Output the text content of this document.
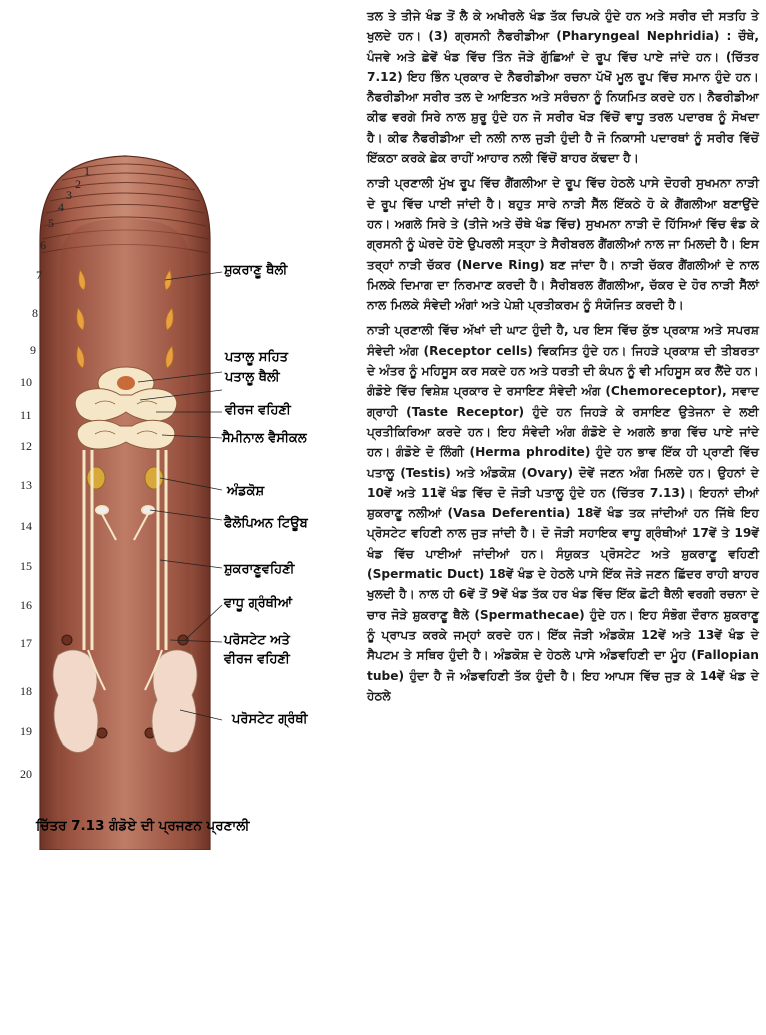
1
2
3
4
5
6
7
8
9
10
11
12
13
14
15
16
17
18
19
20
ਸ਼ੁਕਰਾਣੂ ਥੈਲੀ
ਪਤਾਲੂ ਸਹਿਤ
ਪਤਾਲੂ ਥੈਲੀ
ਵੀਰਜ ਵਹਿਣੀ
ਸੈਮੀਨਾਲ ਵੈਸੀਕਲ
ਅੰਡਕੋਸ਼
ਫੈਲੋਪਿਅਨ ਟਿਊਬ
ਸ਼ੁਕਰਾਣੂਵਹਿਣੀ
ਵਾਧੂ ਗ੍ਰੰਥੀਆਂ
ਪਰੋਸਟੇਟ ਅਤੇ
ਵੀਰਜ ਵਹਿਣੀ
ਪਰੋਸਟੇਟ ਗ੍ਰੰਥੀ
ਚਿੱਤਰ 7.13 ਗੰਡੋਏ ਦੀ ਪ੍ਰਜਣਨ ਪ੍ਰਣਾਲੀ

ਤਲ ਤੇ ਤੀਜੇ ਖੰਡ ਤੋਂ ਲੈ ਕੇ ਅਖੀਰਲੇ ਖੰਡ ਤੱਕ ਚਿਪਕੇ ਹੁੰਦੇ ਹਨ ਅਤੇ ਸਰੀਰ ਦੀ ਸਤਹਿ ਤੇ ਖੁਲਦੇ ਹਨ। (3) ਗ੍ਰਸਨੀ ਨੈਫਰੀਡੀਆ (Pharyngeal Nephridia) : ਚੌਥੇ, ਪੰਜਵੇ ਅਤੇ ਛੇਵੇਂ ਖੰਡ ਵਿੱਚ ਤਿੰਨ ਜੋੜੇ ਗੁੱਛਿਆਂ ਦੇ ਰੂਪ ਵਿੱਚ ਪਾਏ ਜਾਂਦੇ ਹਨ। (ਚਿੱਤਰ 7.12) ਇਹ ਭਿੰਨ ਪ੍ਰਕਾਰ ਦੇ ਨੈਫਰੀਡੀਆ ਰਚਨਾ ਪੱਖੋਂ ਮੂਲ ਰੂਪ ਵਿੱਚ ਸਮਾਨ ਹੁੰਦੇ ਹਨ। ਨੈਫਰੀਡੀਆ ਸਰੀਰ ਤਲ ਦੇ ਆਇਤਨ ਅਤੇ ਸਰੰਚਨਾ ਨੂੰ ਨਿਯਮਿਤ ਕਰਦੇ ਹਨ। ਨੈਫਰੀਡੀਆ ਕੀਫ ਵਰਗੇ ਸਿਰੇ ਨਾਲ ਸ਼ੁਰੂ ਹੁੰਦੇ ਹਨ ਜੋ ਸਰੀਰ ਖੋੜ ਵਿੱਚੋਂ ਵਾਧੂ ਤਰਲ ਪਦਾਰਥ ਨੂੰ ਸੋਖਦਾ ਹੈ। ਕੀਫ ਨੈਫਰੀਡੀਆ ਦੀ ਨਲੀ ਨਾਲ ਜੁੜੀ ਹੁੰਦੀ ਹੈ ਜੋ ਨਿਕਾਸੀ ਪਦਾਰਥਾਂ ਨੂੰ ਸਰੀਰ ਵਿੱਚੋਂ ਇੱਕਠਾ ਕਰਕੇ ਛੇਕ ਰਾਹੀਂ ਆਹਾਰ ਨਲੀ ਵਿੱਚੋਂ ਬਾਹਰ ਕੱਢਦਾ ਹੈ।

ਨਾੜੀ ਪ੍ਰਣਾਲੀ ਮੁੱਖ ਰੂਪ ਵਿੱਚ ਗੈਂਗਲੀਆ ਦੇ ਰੂਪ ਵਿੱਚ ਹੇਠਲੇ ਪਾਸੇ ਦੋਹਰੀ ਸੁਖਮਨਾ ਨਾੜੀ ਦੇ ਰੂਪ ਵਿੱਚ ਪਾਈ ਜਾਂਦੀ ਹੈ। ਬਹੁਤ ਸਾਰੇ ਨਾੜੀ ਸੈੱਲ ਇੱਕਠੇ ਹੋ ਕੇ ਗੈਂਗਲੀਆ ਬਣਾਉਂਦੇ ਹਨ। ਅਗਲੇ ਸਿਰੇ ਤੇ (ਤੀਜੇ ਅਤੇ ਚੌਥੇ ਖੰਡ ਵਿੱਚ) ਸੁਖਮਨਾ ਨਾੜੀ ਦੋ ਹਿੱਸਿਆਂ ਵਿੱਚ ਵੰਡ ਕੇ ਗ੍ਰਸਨੀ ਨੂੰ ਘੇਰਦੇ ਹੋਏ ਉਪਰਲੀ ਸਤ੍ਹਾ ਤੇ ਸੈਰੀਬਰਲ ਗੈਂਗਲੀਆਂ ਨਾਲ ਜਾ ਮਿਲਦੀ ਹੈ। ਇਸ ਤਰ੍ਹਾਂ ਨਾੜੀ ਚੱਕਰ (Nerve Ring) ਬਣ ਜਾਂਦਾ ਹੈ। ਨਾੜੀ ਚੱਕਰ ਗੈਂਗਲੀਆਂ ਦੇ ਨਾਲ ਮਿਲਕੇ ਦਿਮਾਗ ਦਾ ਨਿਰਮਾਣ ਕਰਦੀ ਹੈ। ਸੈਰੀਬਰਲ ਗੈਂਗਲੀਆ, ਚੱਕਰ ਦੇ ਹੋਰ ਨਾੜੀ ਸੈੱਲਾਂ ਨਾਲ ਮਿਲਕੇ ਸੰਵੇਦੀ ਅੰਗਾਂ ਅਤੇ ਪੇਸ਼ੀ ਪ੍ਰਤੀਕਰਮ ਨੂੰ ਸੰਯੋਜਿਤ ਕਰਦੀ ਹੈ।

ਨਾੜੀ ਪ੍ਰਣਾਲੀ ਵਿੱਚ ਅੱਖਾਂ ਦੀ ਘਾਟ ਹੁੰਦੀ ਹੈ, ਪਰ ਇਸ ਵਿੱਚ ਕੁੱਝ ਪ੍ਰਕਾਸ਼ ਅਤੇ ਸਪਰਸ਼ ਸੰਵੇਦੀ ਅੰਗ (Receptor cells) ਵਿਕਸਿਤ ਹੁੰਦੇ ਹਨ। ਜਿਹੜੇ ਪ੍ਰਕਾਸ਼ ਦੀ ਤੀਬਰਤਾ ਦੇ ਅੰਤਰ ਨੂੰ ਮਹਿਸੂਸ ਕਰ ਸਕਦੇ ਹਨ ਅਤੇ ਧਰਤੀ ਦੀ ਕੰਪਨ ਨੂੰ ਵੀ ਮਹਿਸੂਸ ਕਰ ਲੈਂਦੇ ਹਨ। ਗੰਡੋਏ ਵਿੱਚ ਵਿਸ਼ੇਸ਼ ਪ੍ਰਕਾਰ ਦੇ ਰਸਾਇਣ ਸੰਵੇਦੀ ਅੰਗ (Chemoreceptor), ਸਵਾਦ ਗ੍ਰਾਹੀ (Taste Receptor) ਹੁੰਦੇ ਹਨ ਜਿਹੜੇ ਕੇ ਰਸਾਇਣ ਉਤੇਜਨਾ ਦੇ ਲਈ ਪ੍ਰਤੀਕਿਰਿਆ ਕਰਦੇ ਹਨ। ਇਹ ਸੰਵੇਦੀ ਅੰਗ ਗੰਡੋਏ ਦੇ ਅਗਲੇ ਭਾਗ ਵਿੱਚ ਪਾਏ ਜਾਂਦੇ ਹਨ। ਗੰਡੋਏ ਦੋ ਲਿੰਗੀ (Herma phrodite) ਹੁੰਦੇ ਹਨ ਭਾਵ ਇੱਕ ਹੀ ਪ੍ਰਾਣੀ ਵਿੱਚ ਪਤਾਲੂ (Testis) ਅਤੇ ਅੰਡਕੋਸ਼ (Ovary) ਦੋਵੇਂ ਜਣਨ ਅੰਗ ਮਿਲਦੇ ਹਨ। ਉਹਨਾਂ ਦੇ 10ਵੇਂ ਅਤੇ 11ਵੇਂ ਖੰਡ ਵਿੱਚ ਦੋ ਜੋੜੀ ਪਤਾਲੂ ਹੁੰਦੇ ਹਨ (ਚਿੱਤਰ 7.13)। ਇਹਨਾਂ ਦੀਆਂ ਸ਼ੁਕਰਾਣੂ ਨਲੀਆਂ (Vasa Deferentia) 18ਵੇਂ ਖੰਡ ਤਕ ਜਾਂਦੀਆਂ ਹਨ ਜਿੱਥੇ ਇਹ ਪ੍ਰੋਸਟੇਟ ਵਹਿਣੀ ਨਾਲ ਜੁੜ ਜਾਂਦੀ ਹੈ। ਦੋ ਜੋੜੀ ਸਹਾਇਕ ਵਾਧੂ ਗ੍ਰੰਥੀਆਂ 17ਵੇਂ ਤੇ 19ਵੇਂ ਖੰਡ ਵਿੱਚ ਪਾਈਆਂ ਜਾਂਦੀਆਂ ਹਨ। ਸੰਯੁਕਤ ਪ੍ਰੋਸਟੇਟ ਅਤੇ ਸ਼ੁਕਰਾਣੂ ਵਹਿਣੀ (Spermatic Duct) 18ਵੇਂ ਖੰਡ ਦੇ ਹੇਠਲੇ ਪਾਸੇ ਇੱਕ ਜੋੜੇ ਜਣਨ ਛਿੱਦਰ ਰਾਹੀ ਬਾਹਰ ਖੁਲਦੀ ਹੈ। ਨਾਲ ਹੀ 6ਵੇਂ ਤੋਂ 9ਵੇਂ ਖੰਡ ਤੱਕ ਹਰ ਖੰਡ ਵਿੱਚ ਇੱਕ ਛੋਟੀ ਥੈਲੀ ਵਰਗੀ ਰਚਨਾ ਦੇ ਚਾਰ ਜੋੜੇ ਸ਼ੁਕਰਾਣੂ ਥੈਲੇ (Spermathecae) ਹੁੰਦੇ ਹਨ। ਇਹ ਸੰਭੋਗ ਦੌਰਾਨ ਸ਼ੁਕਰਾਣੂ ਨੂੰ ਪ੍ਰਾਪਤ ਕਰਕੇ ਜਮ੍ਹਾਂ ਕਰਦੇ ਹਨ। ਇੱਕ ਜੋੜੀ ਅੰਡਕੋਸ਼ 12ਵੇਂ ਅਤੇ 13ਵੇਂ ਖੰਡ ਦੇ ਸੈਪਟਮ ਤੇ ਸਥਿਰ ਹੁੰਦੀ ਹੈ। ਅੰਡਕੋਸ਼ ਦੇ ਹੇਠਲੇ ਪਾਸੇ ਅੰਡਵਹਿਣੀ ਦਾ ਮੂੰਹ (Fallopian tube) ਹੁੰਦਾ ਹੈ ਜੋ ਅੰਡਵਹਿਣੀ ਤੱਕ ਹੁੰਦੀ ਹੈ। ਇਹ ਆਪਸ ਵਿੱਚ ਜੁੜ ਕੇ 14ਵੇਂ ਖੰਡ ਦੇ ਹੇਠਲੇ
